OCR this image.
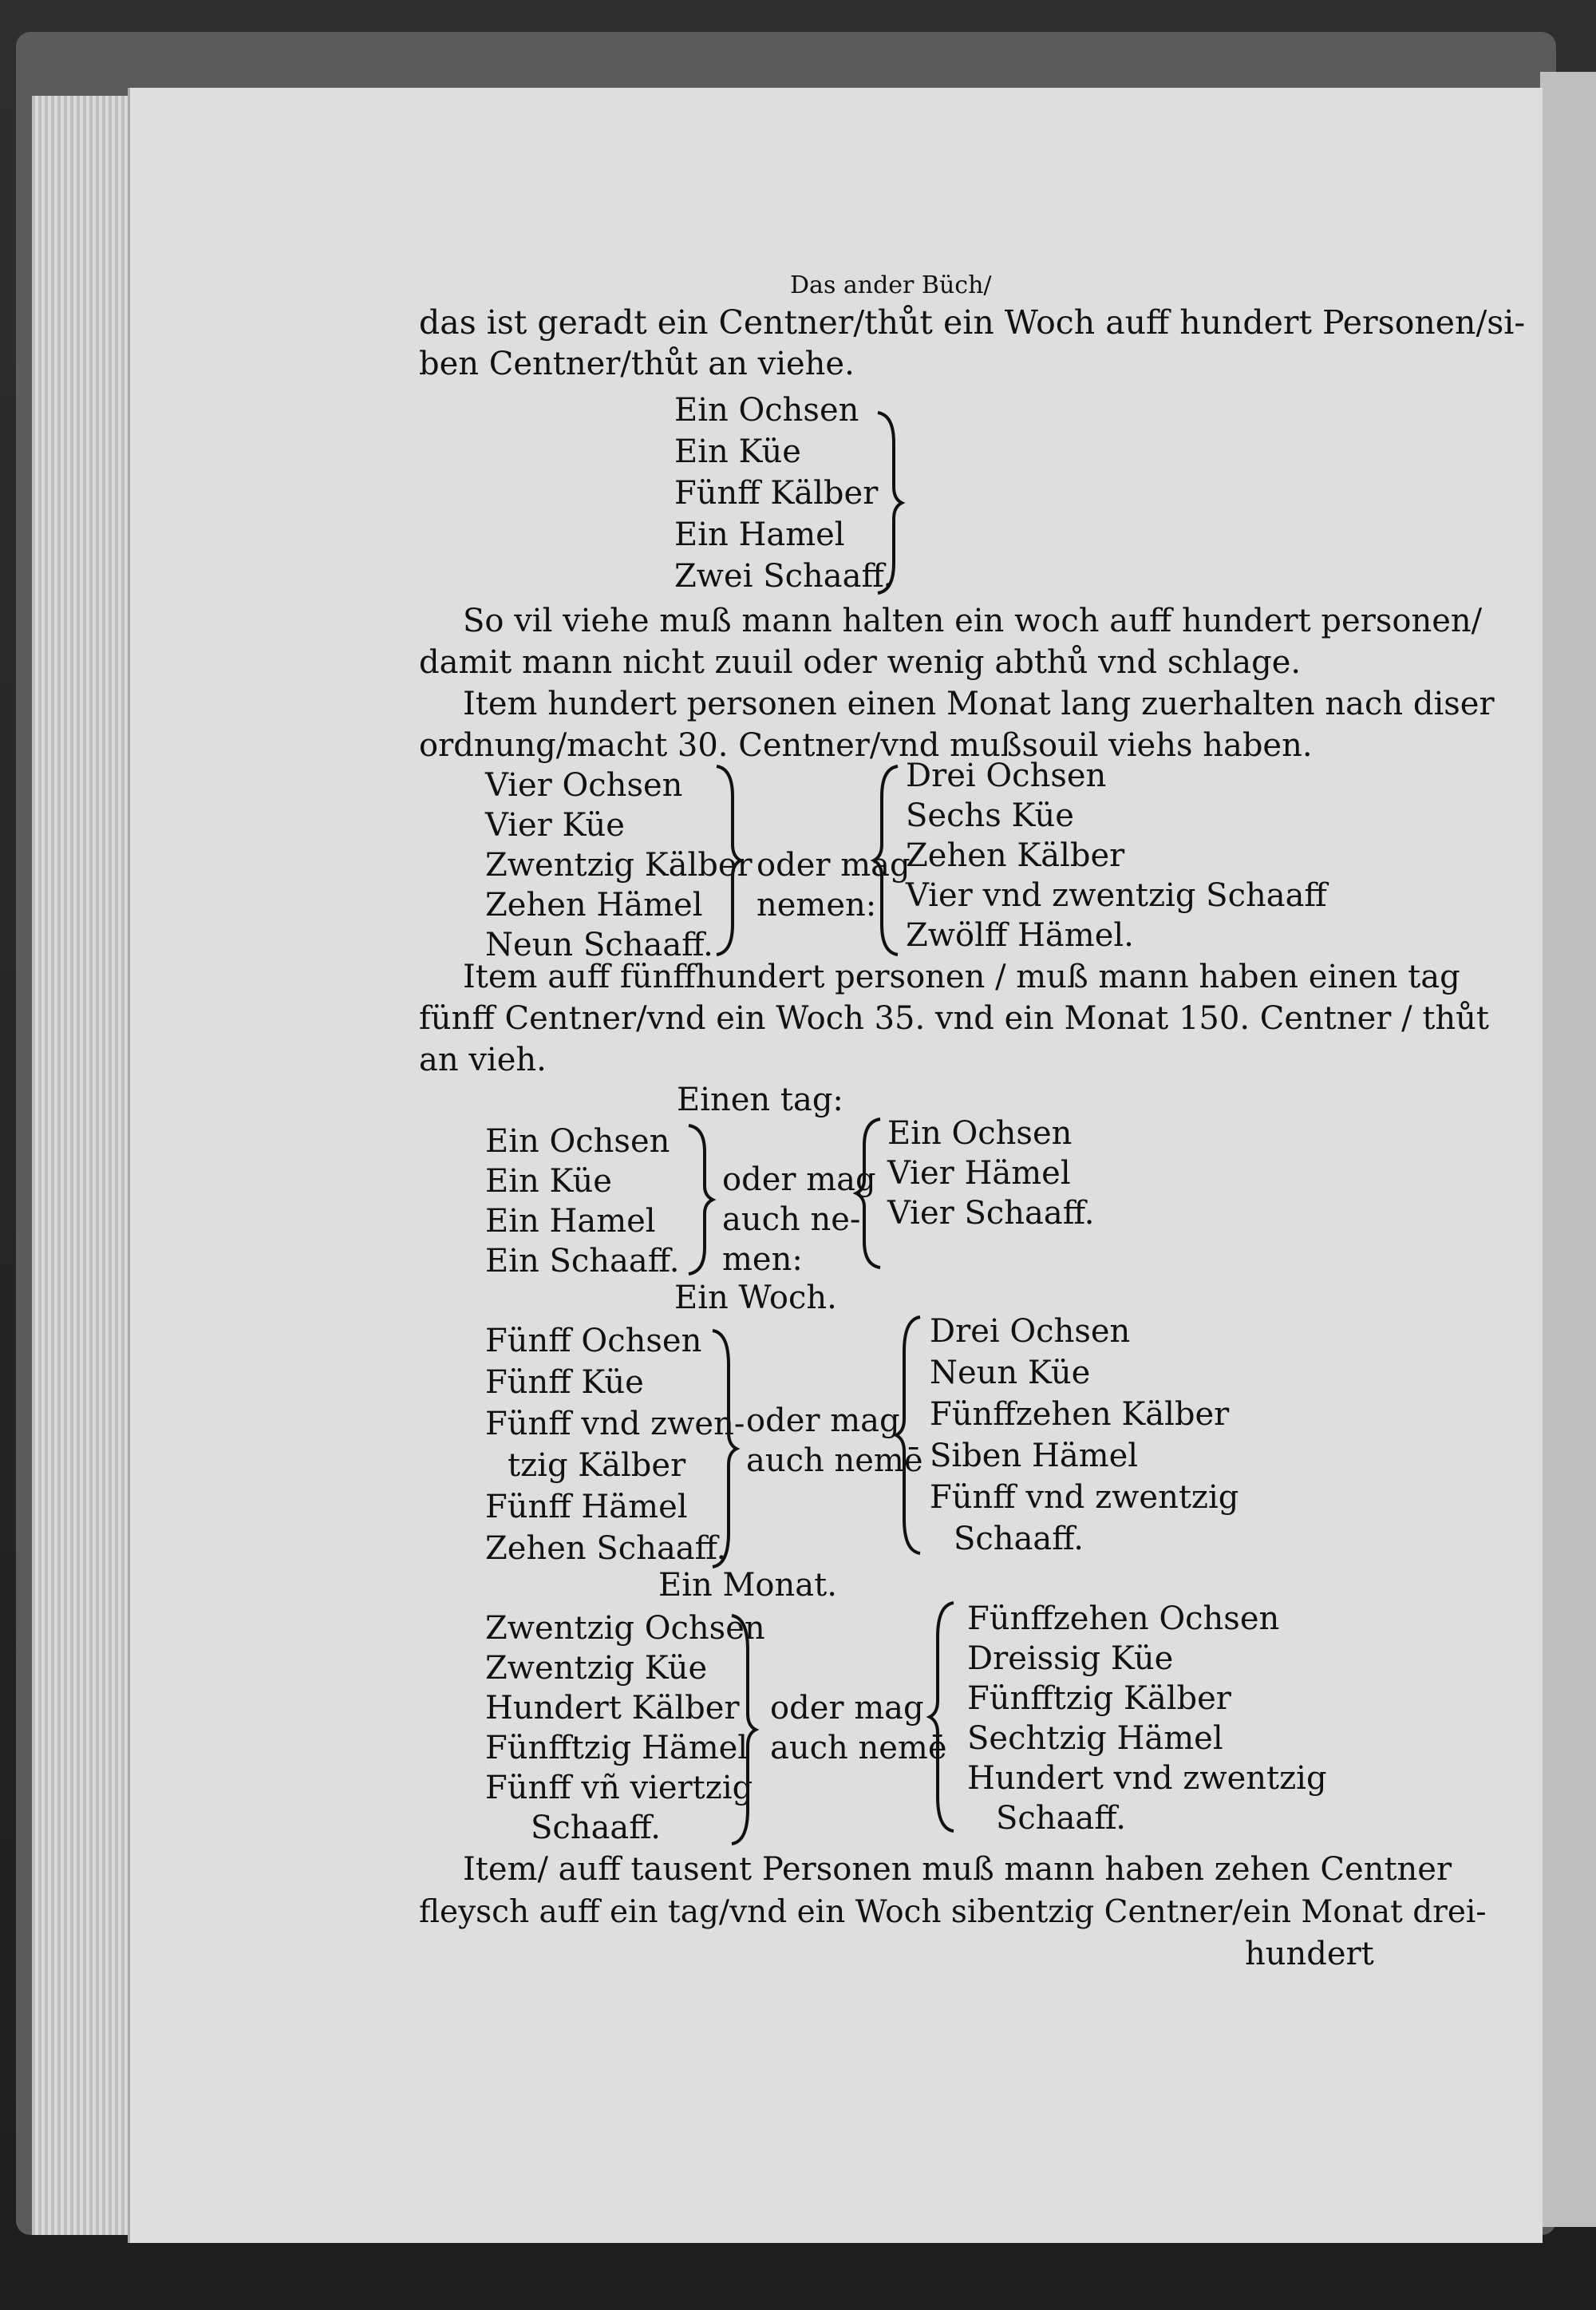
Das ander Büch/
das ist geradt ein Centner/thůt ein Woch auff hundert Personen/si-
ben Centner/thůt an viehe.
Ein Ochsen
Ein Küe
Fünff Kälber
Ein Hamel
Zwei Schaaff.
So vil viehe muß mann halten ein woch auff hundert personen/
damit mann nicht zuuil oder wenig abthů vnd schlage.
Item hundert personen einen Monat lang zuerhalten nach diser
ordnung/macht 30. Centner/vnd mußsouil viehs haben.
Vier Ochsen
Vier Küe
Zwentzig Kälber
Zehen Hämel
Neun Schaaff.
oder mag
nemen:
Drei Ochsen
Sechs Küe
Zehen Kälber
Vier vnd zwentzig Schaaff
Zwölff Hämel.
Item auff fünffhundert personen / muß mann haben einen tag
fünff Centner/vnd ein Woch 35. vnd ein Monat 150. Centner / thůt
an vieh.
Einen tag:
Ein Ochsen
Ein Küe
Ein Hamel
Ein Schaaff.
oder mag
auch ne-
men:
Ein Ochsen
Vier Hämel
Vier Schaaff.
Ein Woch.
Fünff Ochsen
Fünff Küe
Fünff vnd zwen-
tzig Kälber
Fünff Hämel
Zehen Schaaff.
oder mag
auch nemē
Drei Ochsen
Neun Küe
Fünffzehen Kälber
Siben Hämel
Fünff vnd zwentzig
Schaaff.
Ein Monat.
Zwentzig Ochsen
Zwentzig Küe
Hundert Kälber
Fünfftzig Hämel
Fünff vñ viertzig
Schaaff.
oder mag
auch nemē
Fünffzehen Ochsen
Dreissig Küe
Fünfftzig Kälber
Sechtzig Hämel
Hundert vnd zwentzig
Schaaff.
Item/ auff tausent Personen muß mann haben zehen Centner
fleysch auff ein tag/vnd ein Woch sibentzig Centner/ein Monat drei-
hundert
